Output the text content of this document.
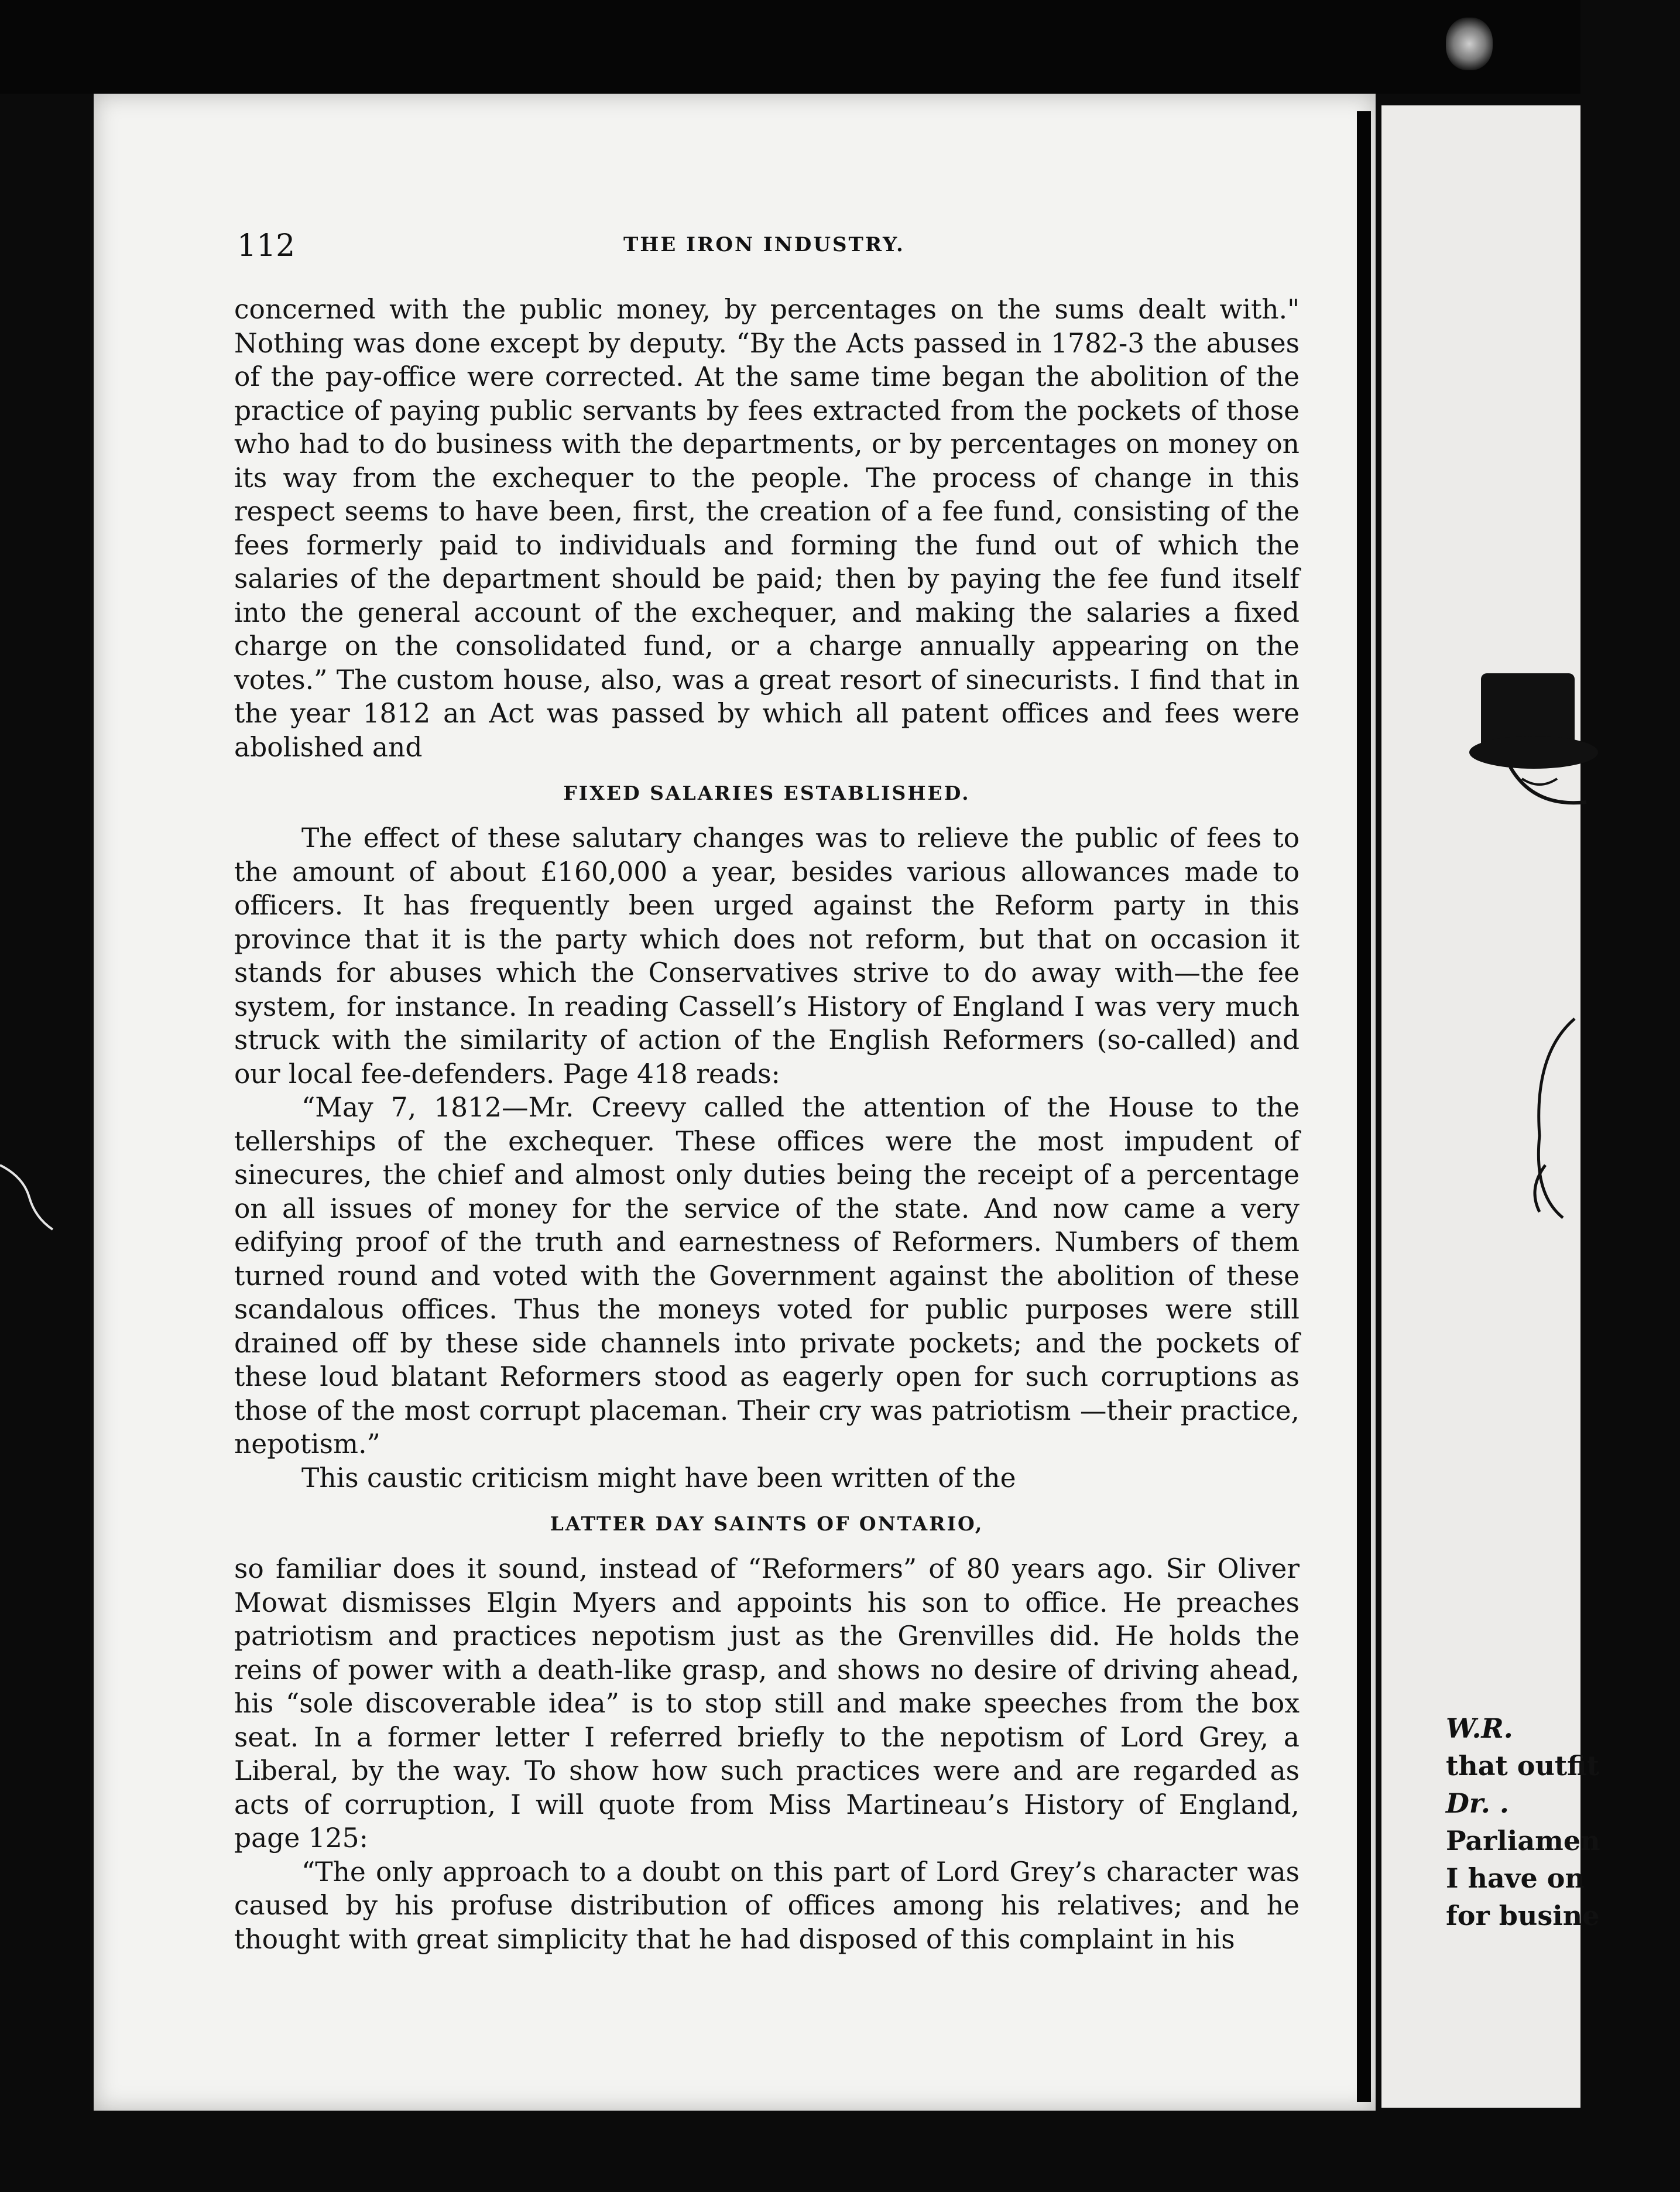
W.R.
that outfit
Dr. .
Parliamen
I have on
for busine
112	THE IRON INDUSTRY.

concerned with the public money, by percentages on the sums dealt with." Nothing was done except by deputy. “By the Acts passed in 1782-3 the abuses of the pay-office were corrected. At the same time began the abolition of the practice of paying public servants by fees extracted from the pockets of those who had to do business with the departments, or by percentages on money on its way from the exchequer to the people. The process of change in this respect seems to have been, first, the creation of a fee fund, consisting of the fees formerly paid to individuals and forming the fund out of which the salaries of the department should be paid; then by paying the fee fund itself into the general account of the exchequer, and making the salaries a fixed charge on the consolidated fund, or a charge annually appearing on the votes.” The custom house, also, was a great resort of sinecurists. I find that in the year 1812 an Act was passed by which all patent offices and fees were abolished and

FIXED SALARIES ESTABLISHED.

The effect of these salutary changes was to relieve the public of fees to the amount of about £160,000 a year, besides various allowances made to officers. It has frequently been urged against the Reform party in this province that it is the party which does not reform, but that on occasion it stands for abuses which the Conservatives strive to do away with—the fee system, for instance. In reading Cassell’s History of England I was very much struck with the similarity of action of the English Reformers (so-called) and our local fee-defenders. Page 418 reads:

“May 7, 1812—Mr. Creevy called the attention of the House to the tellerships of the exchequer. These offices were the most impudent of sinecures, the chief and almost only duties being the receipt of a percentage on all issues of money for the service of the state. And now came a very edifying proof of the truth and earnestness of Reformers. Numbers of them turned round and voted with the Government against the abolition of these scandalous offices. Thus the moneys voted for public purposes were still drained off by these side channels into private pockets; and the pockets of these loud blatant Reformers stood as eagerly open for such corruptions as those of the most corrupt placeman. Their cry was patriotism —their practice, nepotism.”

This caustic criticism might have been written of the

LATTER DAY SAINTS OF ONTARIO,

so familiar does it sound, instead of “Reformers” of 80 years ago. Sir Oliver Mowat dismisses Elgin Myers and appoints his son to office. He preaches patriotism and practices nepotism just as the Grenvilles did. He holds the reins of power with a death-like grasp, and shows no desire of driving ahead, his “sole discoverable idea” is to stop still and make speeches from the box seat. In a former letter I referred briefly to the nepotism of Lord Grey, a Liberal, by the way. To show how such practices were and are regarded as acts of corruption, I will quote from Miss Martineau’s History of England, page 125:

“The only approach to a doubt on this part of Lord Grey’s character was caused by his profuse distribution of offices among his relatives; and he thought with great simplicity that he had disposed of this complaint in his
